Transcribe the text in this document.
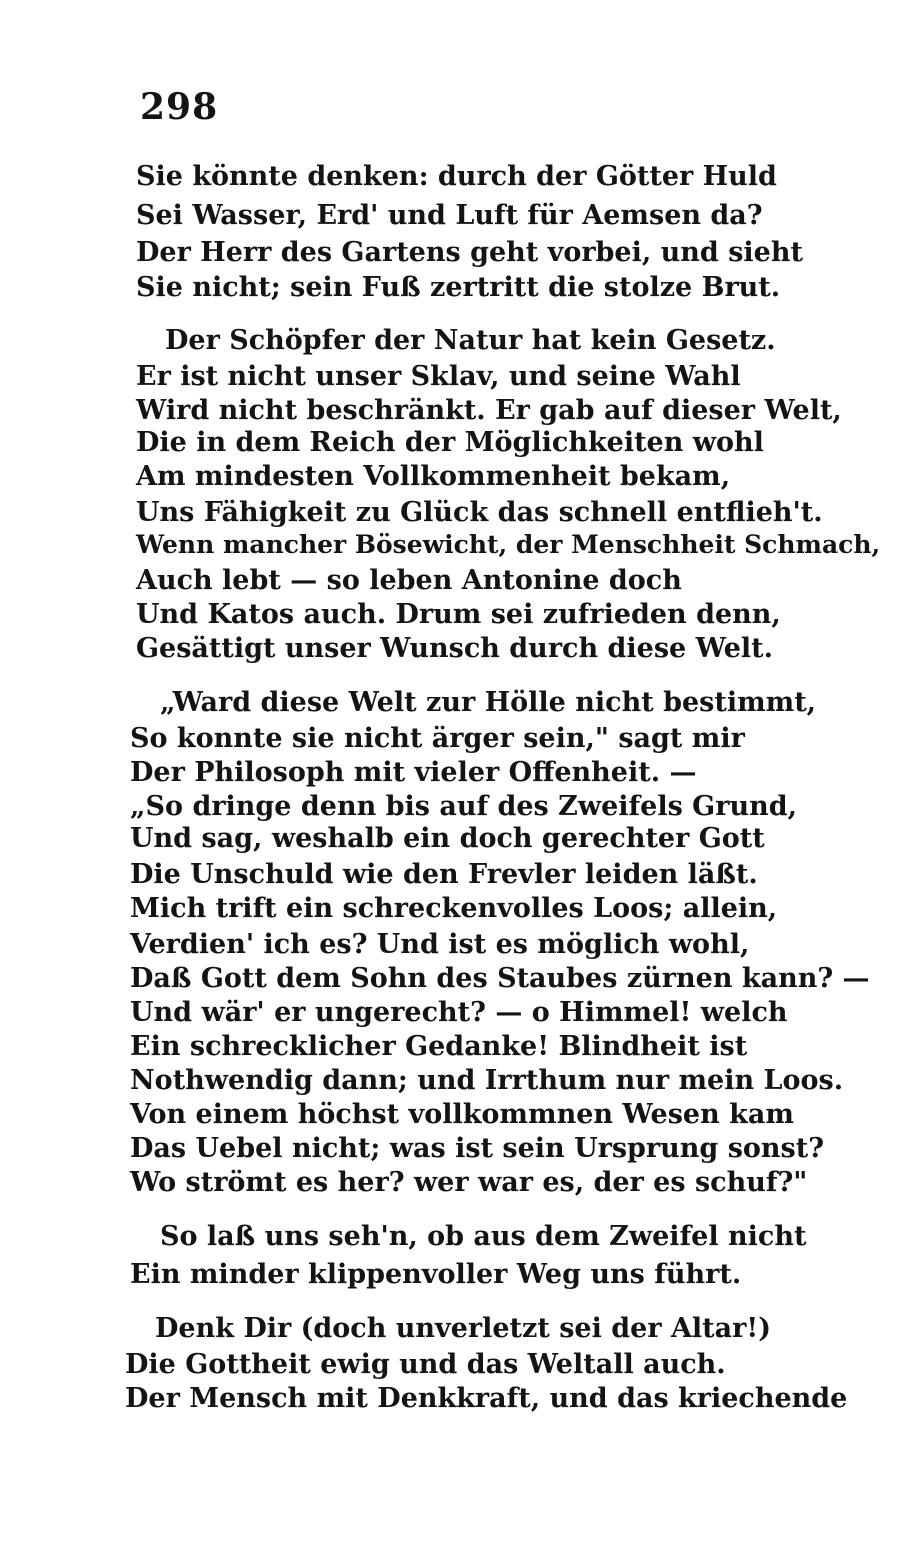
298
Sie könnte denken: durch der Götter Huld
Sei Wasser, Erd' und Luft für Aemsen da?
Der Herr des Gartens geht vorbei, und sieht
Sie nicht; sein Fuß zertritt die stolze Brut.
Der Schöpfer der Natur hat kein Gesetz.
Er ist nicht unser Sklav, und seine Wahl
Wird nicht beschränkt. Er gab auf dieser Welt,
Die in dem Reich der Möglichkeiten wohl
Am mindesten Vollkommenheit bekam,
Uns Fähigkeit zu Glück das schnell entflieh't.
Wenn mancher Bösewicht, der Menschheit Schmach,
Auch lebt — so leben Antonine doch
Und Katos auch. Drum sei zufrieden denn,
Gesättigt unser Wunsch durch diese Welt.
„Ward diese Welt zur Hölle nicht bestimmt,
So konnte sie nicht ärger sein," sagt mir
Der Philosoph mit vieler Offenheit. —
„So dringe denn bis auf des Zweifels Grund,
Und sag, weshalb ein doch gerechter Gott
Die Unschuld wie den Frevler leiden läßt.
Mich trift ein schreckenvolles Loos; allein,
Verdien' ich es? Und ist es möglich wohl,
Daß Gott dem Sohn des Staubes zürnen kann? —
Und wär' er ungerecht? — o Himmel! welch
Ein schrecklicher Gedanke! Blindheit ist
Nothwendig dann; und Irrthum nur mein Loos.
Von einem höchst vollkommnen Wesen kam
Das Uebel nicht; was ist sein Ursprung sonst?
Wo strömt es her? wer war es, der es schuf?"
So laß uns seh'n, ob aus dem Zweifel nicht
Ein minder klippenvoller Weg uns führt.
Denk Dir (doch unverletzt sei der Altar!)
Die Gottheit ewig und das Weltall auch.
Der Mensch mit Denkkraft, und das kriechende
